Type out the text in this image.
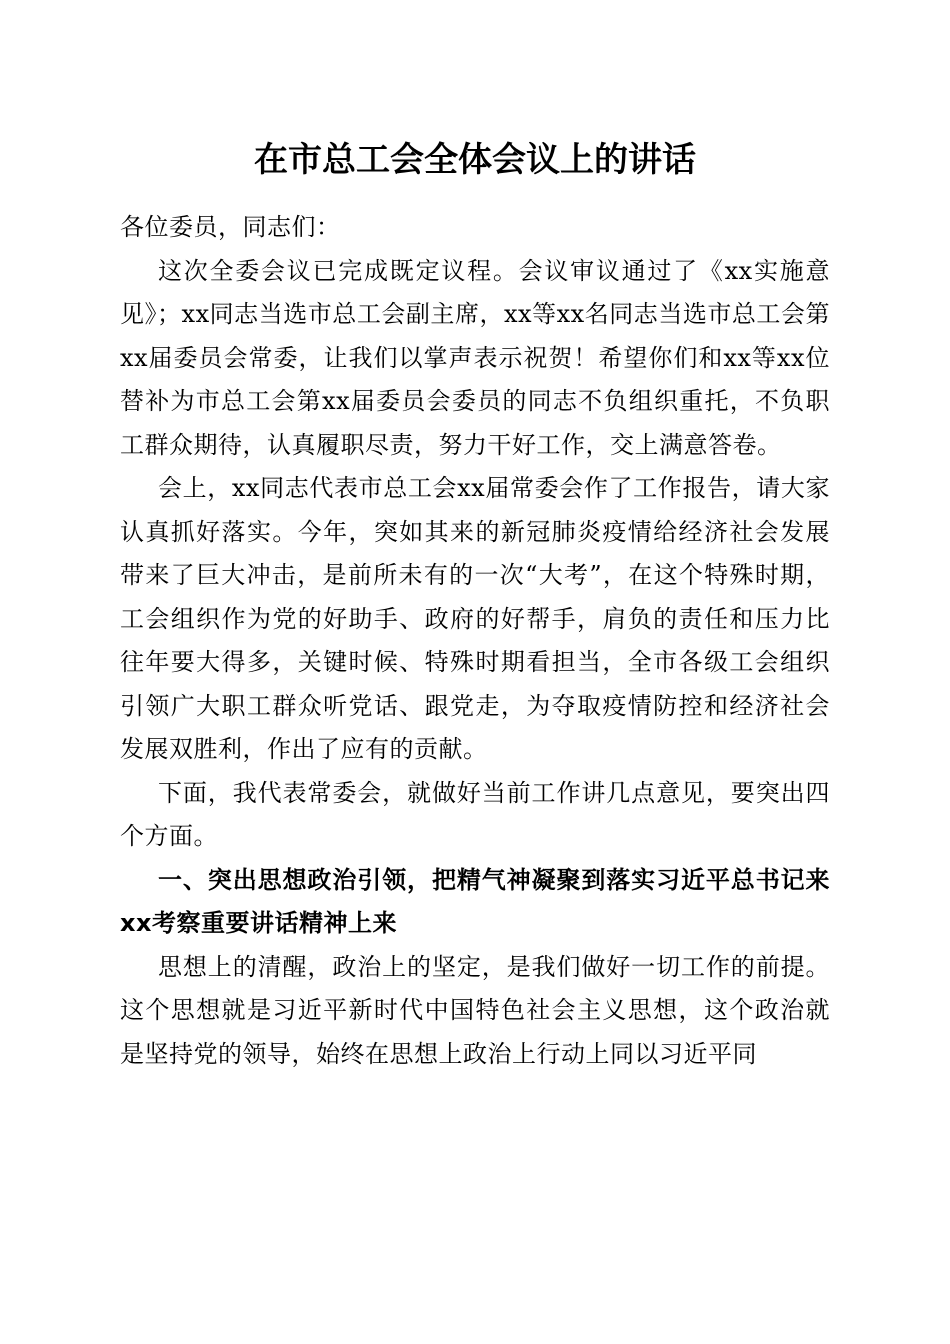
在市总工会全体会议上的讲话

各位委员，同志们：

这次全委会议已完成既定议程。会议审议通过了《xx实施意见》；xx同志当选市总工会副主席，xx等xx名同志当选市总工会第xx届委员会常委，让我们以掌声表示祝贺！希望你们和xx等xx位替补为市总工会第xx届委员会委员的同志不负组织重托，不负职工群众期待，认真履职尽责，努力干好工作，交上满意答卷。

会上，xx同志代表市总工会xx届常委会作了工作报告，请大家认真抓好落实。今年，突如其来的新冠肺炎疫情给经济社会发展带来了巨大冲击，是前所未有的一次“大考”，在这个特殊时期，工会组织作为党的好助手、政府的好帮手，肩负的责任和压力比往年要大得多，关键时候、特殊时期看担当，全市各级工会组织引领广大职工群众听党话、跟党走，为夺取疫情防控和经济社会发展双胜利，作出了应有的贡献。

下面，我代表常委会，就做好当前工作讲几点意见，要突出四个方面。

一、突出思想政治引领，把精气神凝聚到落实习近平总书记来xx考察重要讲话精神上来

思想上的清醒，政治上的坚定，是我们做好一切工作的前提。这个思想就是习近平新时代中国特色社会主义思想，这个政治就是坚持党的领导，始终在思想上政治上行动上同以习近平同
